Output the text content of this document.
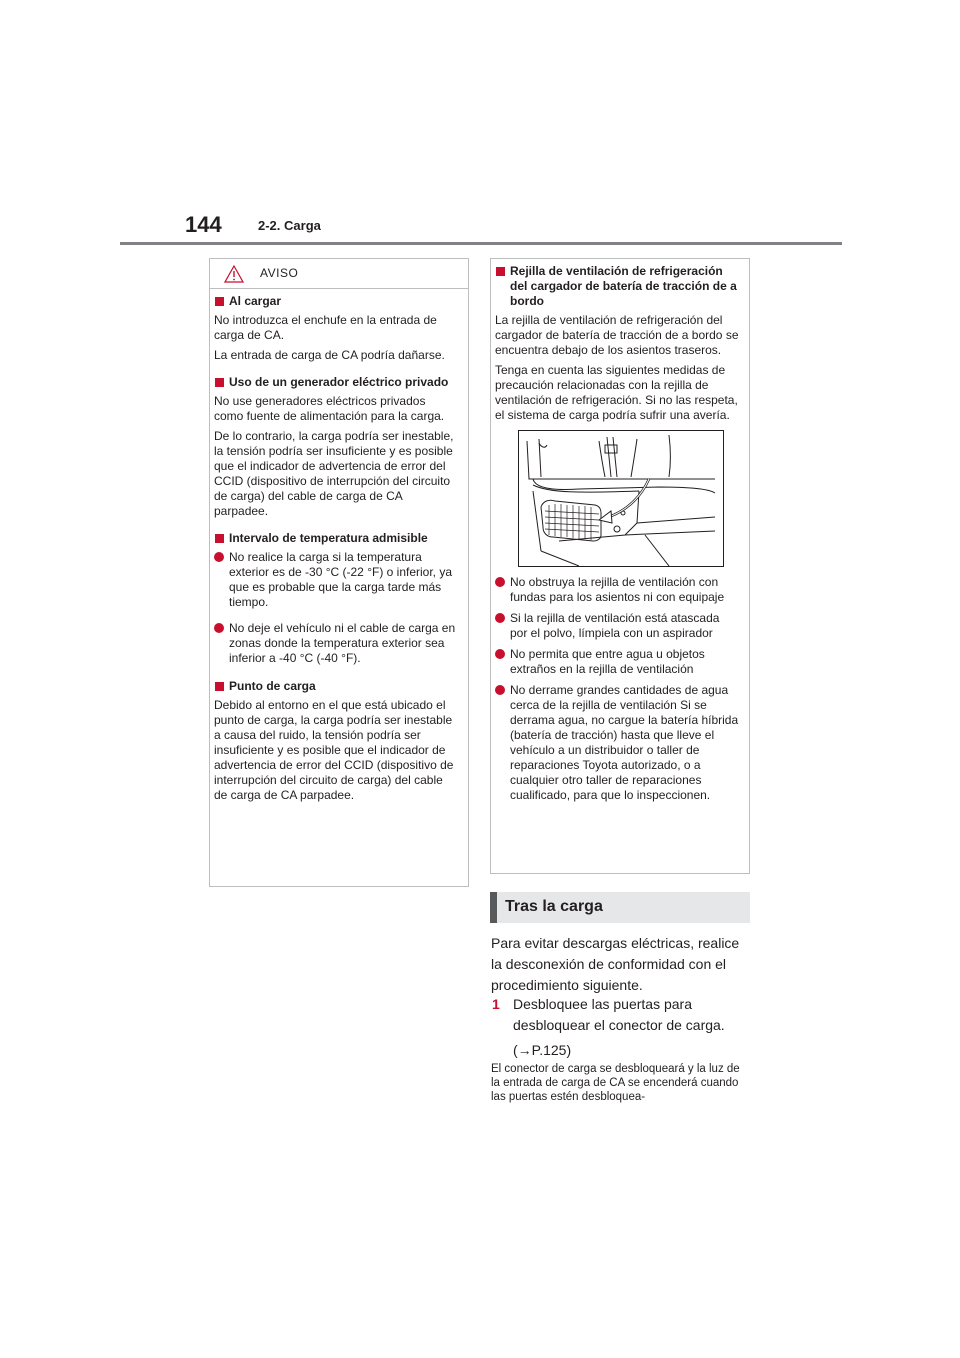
144	2-2. Carga
AVISO
Al cargar

No introduzca el enchufe en la entrada de carga de CA.

La entrada de carga de CA podría dañarse.

Uso de un generador eléctrico privado

No use generadores eléctricos privados como fuente de alimentación para la carga.

De lo contrario, la carga podría ser inestable, la tensión podría ser insuficiente y es posible que el indicador de advertencia de error del CCID (dispositivo de interrupción del circuito de carga) del cable de carga de CA parpadee.

Intervalo de temperatura admisible
No realice la carga si la temperatura exterior es de -30 °C (-22 °F) o inferior, ya que es probable que la carga tarde más tiempo.
No deje el vehículo ni el cable de carga en zonas donde la temperatura exterior sea inferior a -40 °C (-40 °F).
Punto de carga

Debido al entorno en el que está ubicado el punto de carga, la carga podría ser inestable a causa del ruido, la tensión podría ser insuficiente y es posible que el indicador de advertencia de error del CCID (dispositivo de interrupción del circuito de carga) del cable de carga de CA parpadee.

Rejilla de ventilación de refrigeración del cargador de batería de tracción de a bordo

La rejilla de ventilación de refrigeración del cargador de batería de tracción de a bordo se encuentra debajo de los asientos traseros.

Tenga en cuenta las siguientes medidas de precaución relacionadas con la rejilla de ventilación de refrigeración. Si no las respeta, el sistema de carga podría sufrir una avería.

No obstruya la rejilla de ventilación con fundas para los asientos ni con equipaje
Si la rejilla de ventilación está atascada por el polvo, límpiela con un aspirador
No permita que entre agua u objetos extraños en la rejilla de ventilación
No derrame grandes cantidades de agua cerca de la rejilla de ventilación Si se derrama agua, no cargue la batería híbrida (batería de tracción) hasta que lleve el vehículo a un distribuidor o taller de reparaciones Toyota autorizado, o a cualquier otro taller de reparaciones cualificado, para que lo inspeccionen.
Tras la carga
Para evitar descargas eléctricas, realice la desconexión de conformidad con el procedimiento siguiente.
1 Desbloquee las puertas para desbloquear el conector de carga.
(→P.125)
El conector de carga se desbloqueará y la luz de la entrada de carga de CA se encenderá cuando las puertas estén desbloquea-
